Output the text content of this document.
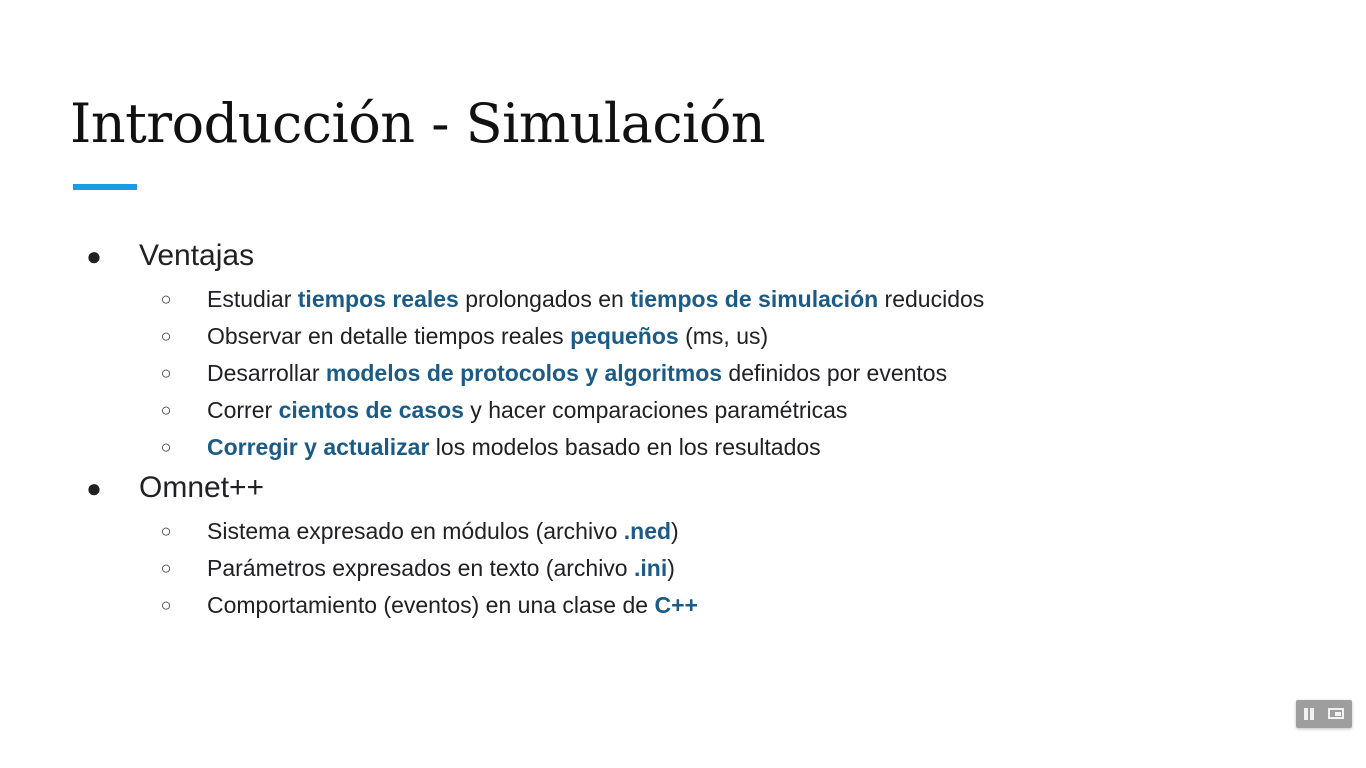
Introducción - Simulación
● Ventajas
○ Estudiar tiempos reales prolongados en tiempos de simulación reducidos
○ Observar en detalle tiempos reales pequeños (ms, us)
○ Desarrollar modelos de protocolos y algoritmos definidos por eventos
○ Correr cientos de casos y hacer comparaciones paramétricas
○ Corregir y actualizar los modelos basado en los resultados
● Omnet++
○ Sistema expresado en módulos (archivo .ned)
○ Parámetros expresados en texto (archivo .ini)
○ Comportamiento (eventos) en una clase de C++
